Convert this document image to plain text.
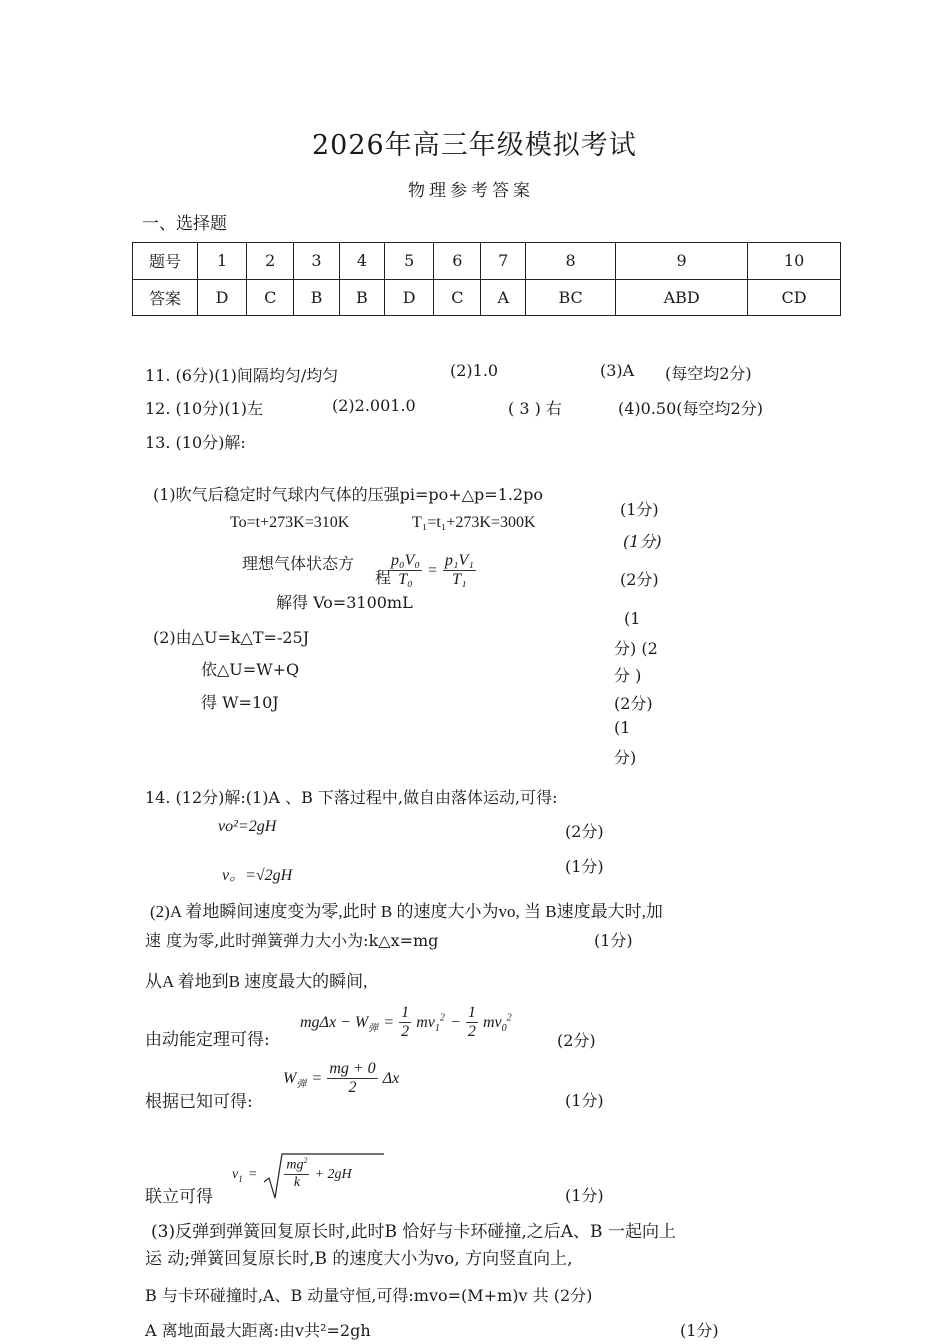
2026年高三年级模拟考试
物理参考答案
一、选择题
题号	1	2	3	4	5	6	7	8	9	10
答案	D	C	B	B	D	C	A	BC	ABD	CD
11. (6分)(1)间隔均匀/均匀	(2)1.0	(3)A (每空均2分)
12. (10分)(1)左	(2)2.001.0	( 3 ) 右	(4)0.50(每空均2分)
13. (10分)解:
(1)吹气后稳定时气球内气体的压强pi=po+△p=1.2po
To=t+273K=310K	T₁=t₁+273K=300K
理想气体状态方
程
$\frac{\text{p₀V₀}}{\text{T₀}} = \frac{\text{p₁V₁}}{\text{T₁}}$
解得 Vo=3100mL
(2)由△U=k△T=-25J
依△U=W+Q
得 W=10J
(1分)
(1分)
(2分)
(1
分) (2
分 )
(2分)
(1
分)
14. (12分)解:(1)A 、B 下落过程中,做自由落体运动,可得:
vo²=2gH	(2分)
v。=√2gH	(1分)
(2)A 着地瞬间速度变为零,此时 B 的速度大小为vo, 当 B速度最大时,加
速 度为零,此时弹簧弹力大小为:k△x=mg	(1分)
从A 着地到B 速度最大的瞬间,
由动能定理可得:
$mg\Delta x - W_弹 = \frac{1}{2} mv_1^2 - \frac{1}{2} mv_0^2$
(2分)
根据已知可得:
$W_弹 = \frac{mg + 0}{2}$ Δx
(1分)
联立可得
$v_1 = \frac{mg^2}{k} + 2gH$
(1分)
(3)反弹到弹簧回复原长时,此时B 恰好与卡环碰撞,之后A、B 一起向上
运 动;弹簧回复原长时,B 的速度大小为vo, 方向竖直向上,
B 与卡环碰撞时,A、B 动量守恒,可得:mvo=(M+m)v 共 (2分)
A 离地面最大距离:由v共²=2gh	(1分)
